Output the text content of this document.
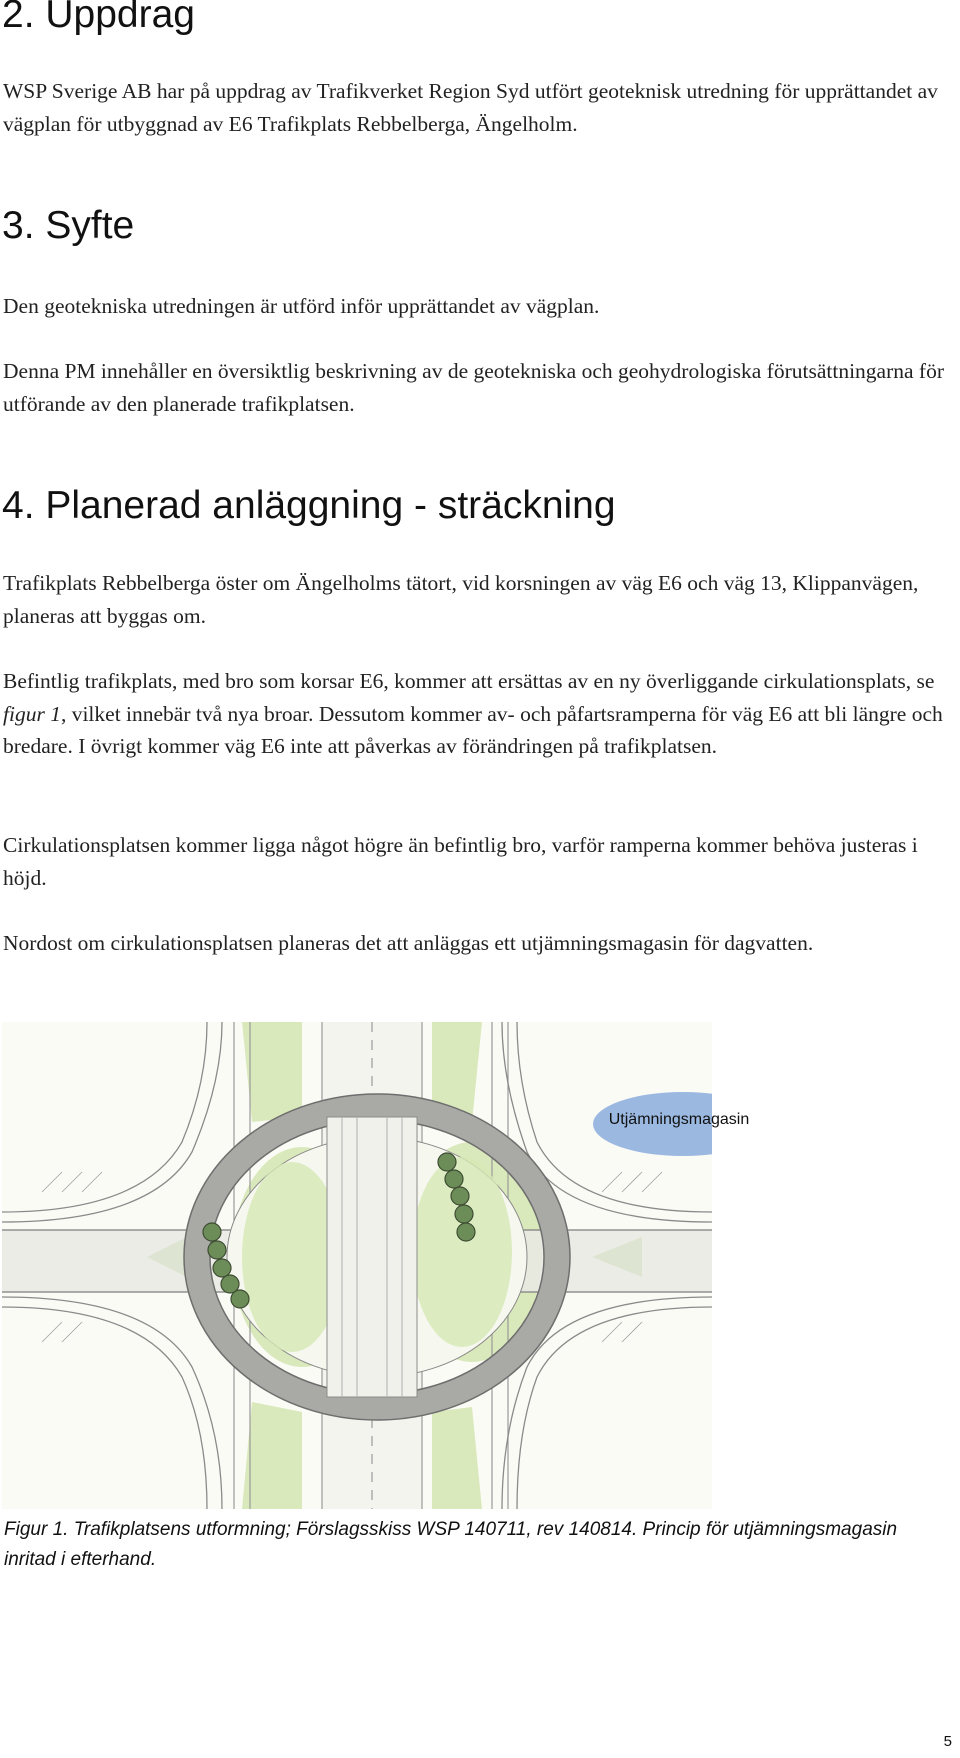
2. Uppdrag

WSP Sverige AB har på uppdrag av Trafikverket Region Syd utfört geoteknisk utredning för upprättandet av vägplan för utbyggnad av E6 Trafikplats Rebbelberga, Ängelholm.

3. Syfte

Den geotekniska utredningen är utförd inför upprättandet av vägplan.

Denna PM innehåller en översiktlig beskrivning av de geotekniska och geohydrologiska förutsättningarna för utförande av den planerade trafikplatsen.

4. Planerad anläggning - sträckning

Trafikplats Rebbelberga öster om Ängelholms tätort, vid korsningen av väg E6 och väg 13, Klippanvägen, planeras att byggas om.

Befintlig trafikplats, med bro som korsar E6, kommer att ersättas av en ny överliggande cirkulationsplats, se figur 1, vilket innebär två nya broar. Dessutom kommer av- och påfartsramperna för väg E6 att bli längre och bredare. I övrigt kommer väg E6 inte att påverkas av förändringen på trafikplatsen.

Cirkulationsplatsen kommer ligga något högre än befintlig bro, varför ramperna kommer behöva justeras i höjd.

Nordost om cirkulationsplatsen planeras det att anläggas ett utjämningsmagasin för dagvatten.

Utjämningsmagasin
Figur 1. Trafikplatsens utformning; Förslagsskiss WSP 140711, rev 140814. Princip för utjämningsmagasin inritad i efterhand.
5
